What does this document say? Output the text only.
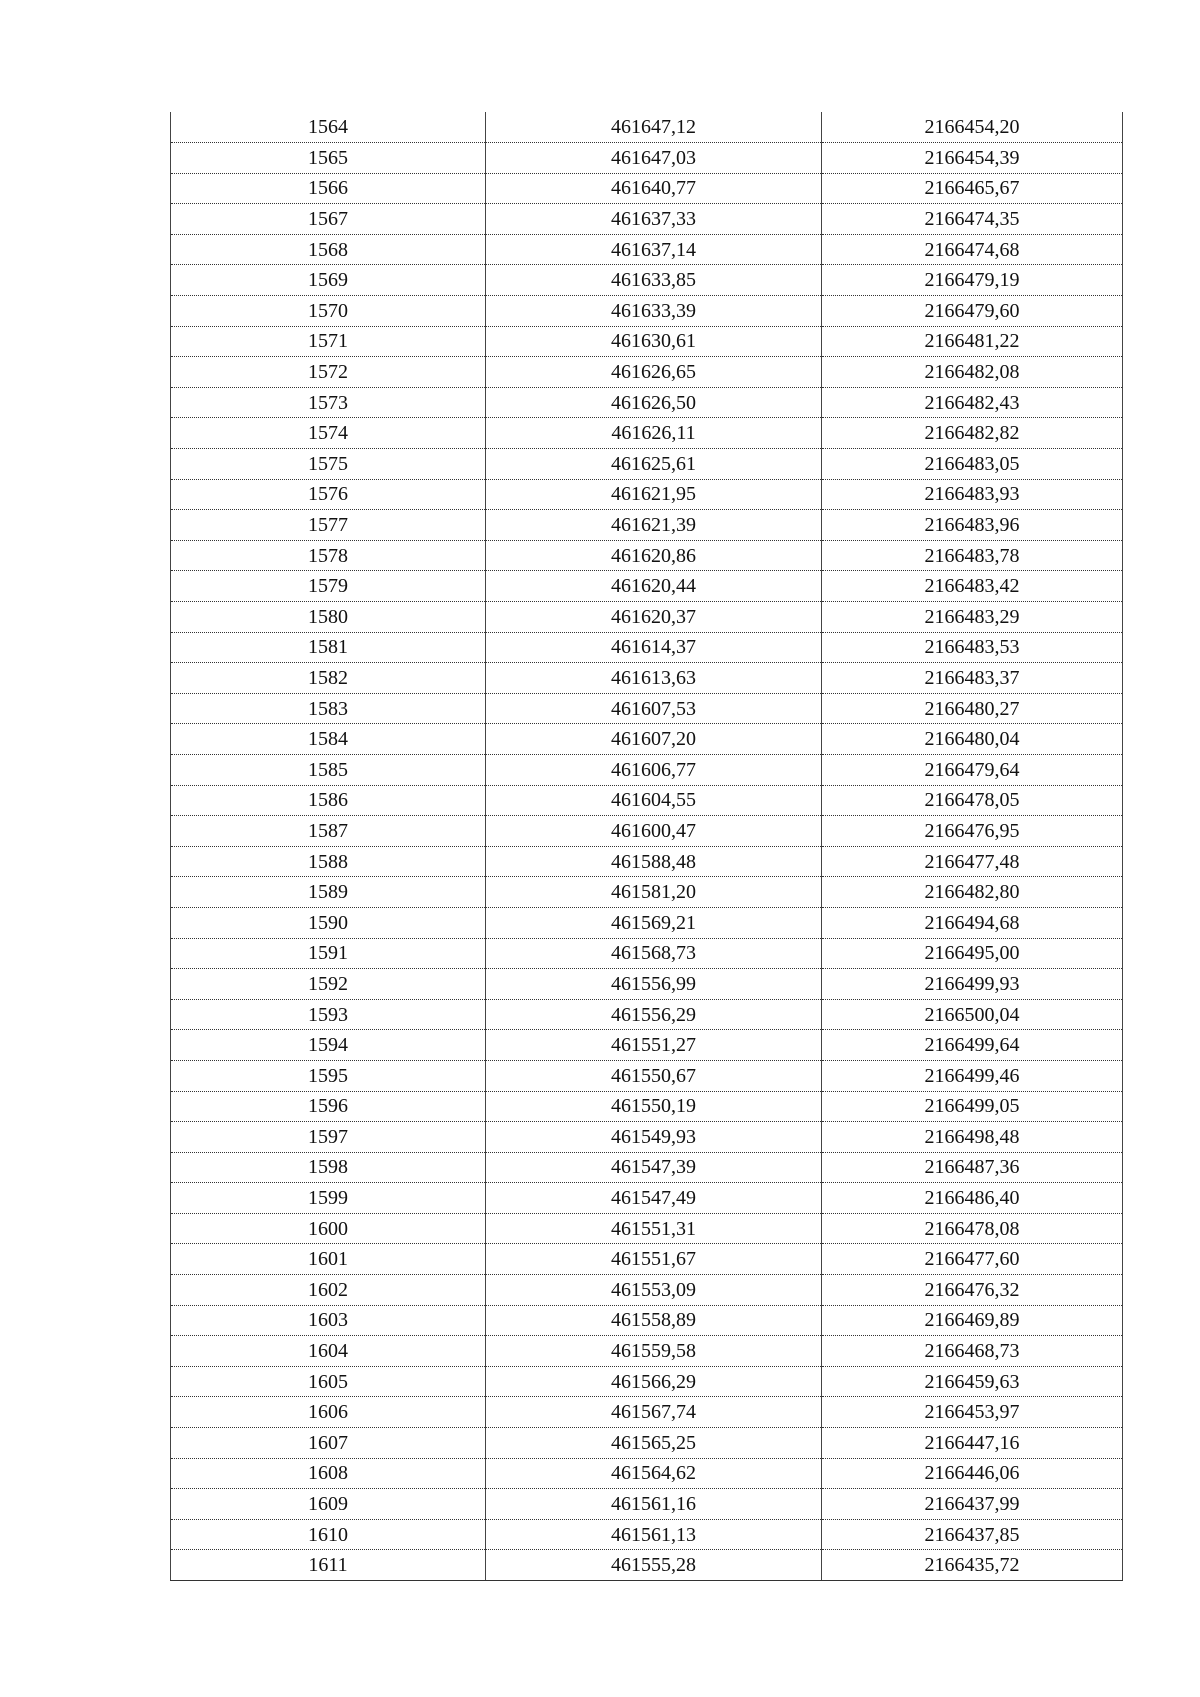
1564	461647,12	2166454,20
1565	461647,03	2166454,39
1566	461640,77	2166465,67
1567	461637,33	2166474,35
1568	461637,14	2166474,68
1569	461633,85	2166479,19
1570	461633,39	2166479,60
1571	461630,61	2166481,22
1572	461626,65	2166482,08
1573	461626,50	2166482,43
1574	461626,11	2166482,82
1575	461625,61	2166483,05
1576	461621,95	2166483,93
1577	461621,39	2166483,96
1578	461620,86	2166483,78
1579	461620,44	2166483,42
1580	461620,37	2166483,29
1581	461614,37	2166483,53
1582	461613,63	2166483,37
1583	461607,53	2166480,27
1584	461607,20	2166480,04
1585	461606,77	2166479,64
1586	461604,55	2166478,05
1587	461600,47	2166476,95
1588	461588,48	2166477,48
1589	461581,20	2166482,80
1590	461569,21	2166494,68
1591	461568,73	2166495,00
1592	461556,99	2166499,93
1593	461556,29	2166500,04
1594	461551,27	2166499,64
1595	461550,67	2166499,46
1596	461550,19	2166499,05
1597	461549,93	2166498,48
1598	461547,39	2166487,36
1599	461547,49	2166486,40
1600	461551,31	2166478,08
1601	461551,67	2166477,60
1602	461553,09	2166476,32
1603	461558,89	2166469,89
1604	461559,58	2166468,73
1605	461566,29	2166459,63
1606	461567,74	2166453,97
1607	461565,25	2166447,16
1608	461564,62	2166446,06
1609	461561,16	2166437,99
1610	461561,13	2166437,85
1611	461555,28	2166435,72
